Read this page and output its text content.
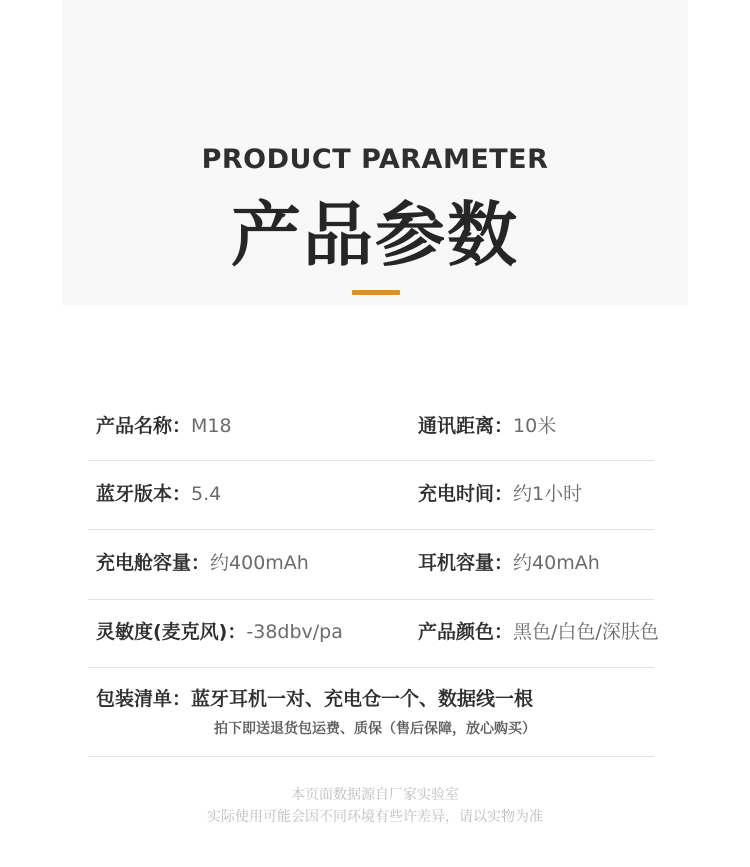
PRODUCT PARAMETER
产品参数
产品名称：M18	通讯距离：10米
蓝牙版本：5.4	充电时间：约1小时
充电舱容量：约400mAh	耳机容量：约40mAh
灵敏度(麦克风)：-38dbv/pa	产品颜色：黑色/白色/深肤色
包装清单：蓝牙耳机一对、充电仓一个、数据线一根
拍下即送退货包运费、质保（售后保障，放心购买）
本页面数据源自厂家实验室
实际使用可能会因不同环境有些许差异，请以实物为准
